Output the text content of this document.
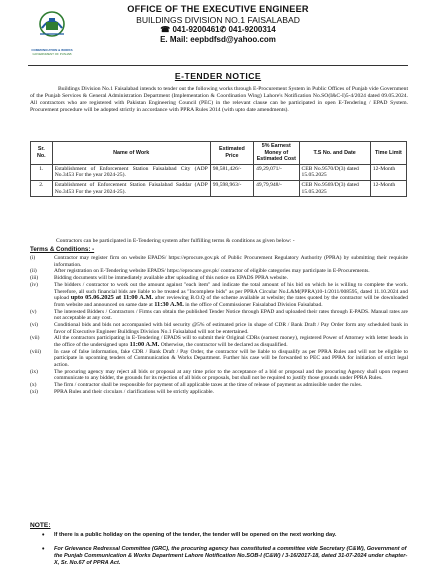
COMMUNICATION & WORKS
GOVERNMENT OF PUNJAB
OFFICE OF THE EXECUTIVE ENGINEER
BUILDINGS DIVISION NO.1 FAISALABAD
☎ 041-9200461✆ 041-9200314
E. Mail: eepbdfsd@yahoo.com
E-TENDER NOTICE
Buildings Division No.1 Faisalabad intends to tender out the following works through E-Procurement System in Public Offices of Punjab vide Government of the Punjab Services & General Administration Department (Implementation & Coordination Wing) Lahore's Notification No.SO(I&C-I)5-4/2024 dated 09.05.2024. All contractors who are registered with Pakistan Engineering Council (PEC) in the relevant clause can be participated in open E-Tendering / EPAD System. Procurement procedure will be adopted strictly in accordance with PPRA Rules 2014 (with upto date amendments).
Sr. No.	Name of Work	Estimated Price	5% Earnest Money of Estimated Cost	T.S No. and Date	Time Limit
1.	Establishment of Enforcement Station Faisalabad City (ADP No.3453 For the year 2024-25).	98,581,426/-	49,29,071/-	CEB No.9570/D(3) dated 15.05.2025	12-Month
2.	Establishment of Enforcement Station Faisalabad Saddar (ADP No.3453 For the year 2024-25).	99,598,963/-	49,79,948/-	CEB No.9569/D(3) dated 15.05.2025	12-Month
Contractors can be participated in E-Tendering system after fulfilling terms & conditions as given below: -
Terms & Conditions: -
(i)	Contractor may register firm on website EPADS/ https://eprocure.gov.pk of Public Procurement Regulatory Authority (PPRA) by submitting their requisite information.
(ii)	After registration on E-Tendering website EPADS/ https://eprocure.gov.pk/ contractor of eligible categories may participate in E-Procurements.
(iii)	Bidding documents will be immediately available after uploading of this notice on EPADS PPRA website.
(iv)	The bidders / contractor to work out the amount against "each item" and indicate the total amount of his bid on which he is willing to complete the work. Therefore, all such financial bids are liable to be treated as "Incomplete bids" as per PPRA Circular No.L&M(PPRA)10-1/2011/008595, dated 11.10.2024 and upload upto 05.06.2025 at 11:00 A.M. after reviewing B.O.Q of the scheme available at website; the rates quoted by the contractor will be downloaded from website and announced on same date at 11:30 A.M. in the office of Commissioner Faisalabad Division Faisalabad.
(v)	The interested Bidders / Contractors / Firms can obtain the published Tender Notice through EPAD and uploaded their rates through E-PADS. Manual rates are not acceptable at any cost.
(vi)	Conditional bids and bids not accompanied with bid security @5% of estimated price in shape of CDR / Bank Draft / Pay Order form any scheduled bank in favor of Executive Engineer Buildings Division No.1 Faisalabad will not be entertained.
(vii)	All the contractors participating in E-Tendering / EPADS will to submit their Original CDRs (earnest money), registered Power of Attorney with letter heads in the office of the undersigned upto 11:00 A.M. Otherwise, the contractor will be declared as disqualified.
(viii)	In case of false information, fake CDR / Bank Draft / Pay Order, the contractor will be liable to disqualify as per PPRA Rules and will not be eligible to participate in upcoming tenders of Communication & Works Department. Further his case will be forwarded to PEC and PPRA for initiation of strict legal action.
(ix)	The procuring agency may reject all bids or proposal at any time prior to the acceptance of a bid or proposal and the procuring Agency shall upon request communicate to any bidder, the grounds for its rejection of all bids or proposals, but shall not be required to justify those grounds under PPRA Rules.
(x)	The firm / contractor shall be responsible for payment of all applicable taxes at the time of release of payment as admissible under the rules.
(xi)	PPRA Rules and their circulars / clarifications will be strictly applicable.
NOTE:
•	If there is a public holiday on the opening of the tender, the tender will be opened on the next working day.
•	For Grievance Redressal Committee (GRC), the procuring agency has constituted a committee vide Secretary (C&W), Government of the Punjab Communication & Works Department Lahore Notification No.SOB-I (C&W) / 3-16/2017-18, dated 31-07-2024 under chapter-X, Sr. No.67 of PPRA Act.
